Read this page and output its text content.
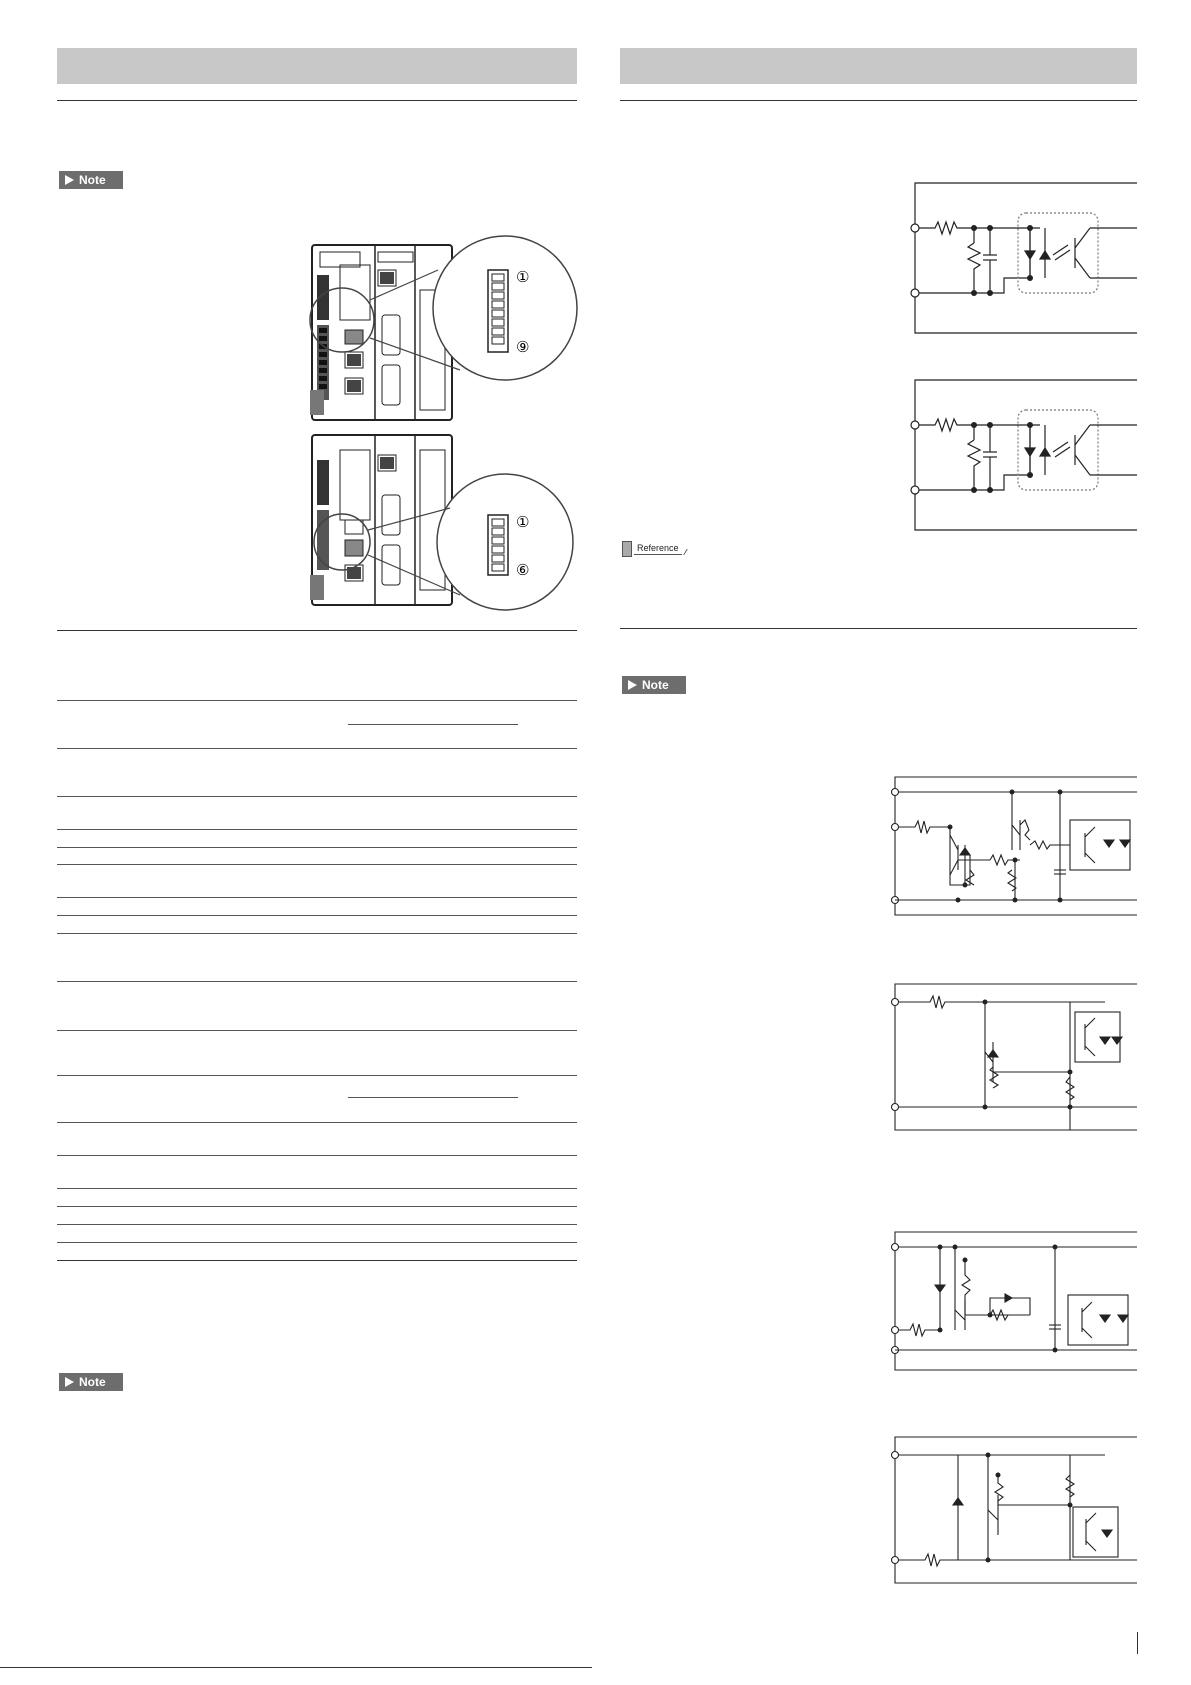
Note
①
⑨
①
⑥
Note
Reference
Note
